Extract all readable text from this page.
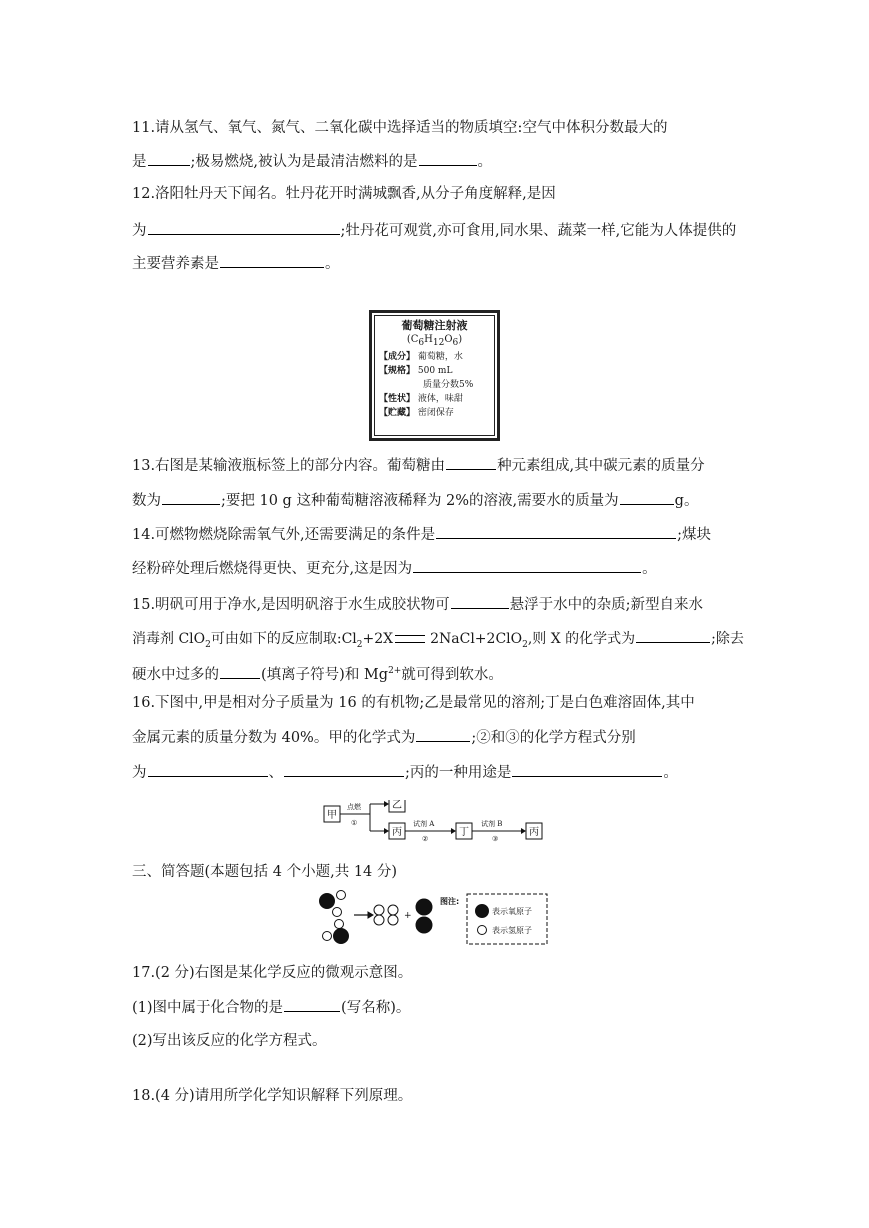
11.请从氢气、氧气、氮气、二氧化碳中选择适当的物质填空:空气中体积分数最大的
是	;极易燃烧,被认为是最清洁燃料的是	。
12.洛阳牡丹天下闻名。牡丹花开时满城飘香,从分子角度解释,是因
为	;牡丹花可观赏,亦可食用,同水果、蔬菜一样,它能为人体提供的
主要营养素是	。
葡萄糖注射液
$(C_6H_{12}O_6)$
【成分】 葡萄糖，水
【规格】 500 mL
质量分数5%
【性状】 液体，味甜
【贮藏】 密闭保存
13.右图是某输液瓶标签上的部分内容。葡萄糖由	种元素组成,其中碳元素的质量分
数为	;要把 10 g 这种葡萄糖溶液稀释为 2%的溶液,需要水的质量为	g。
14.可燃物燃烧除需氧气外,还需要满足的条件是	;煤块
经粉碎处理后燃烧得更快、更充分,这是因为	。
15.明矾可用于净水,是因明矾溶于水生成胶状物可	悬浮于水中的杂质;新型自来水
消毒剂 ClO$_2$可由如下的反应制取$:Cl_2+2X$	2NaCl+2ClO$_2$,则 X 的化学式为	;除去
硬水中过多的	(填离子符号)和 $Mg^{2+}$就可得到软水。
16.下图中,甲是相对分子质量为 16 的有机物;乙是最常见的溶剂;丁是白色难溶固体,其中
金属元素的质量分数为 40%。甲的化学式为	;②和③的化学方程式分别
为	、	;丙的一种用途是	。
甲
点燃
①
乙
丙
试剂 A
②
丁
试剂 B
③
丙
三、简答题(本题包括 4 个小题,共 14 分)
+
图注:
表示氧原子
表示氢原子
17.(2 分)右图是某化学反应的微观示意图。
(1)图中属于化合物的是	(写名称)。
(2)写出该反应的化学方程式。
18.(4 分)请用所学化学知识解释下列原理。
